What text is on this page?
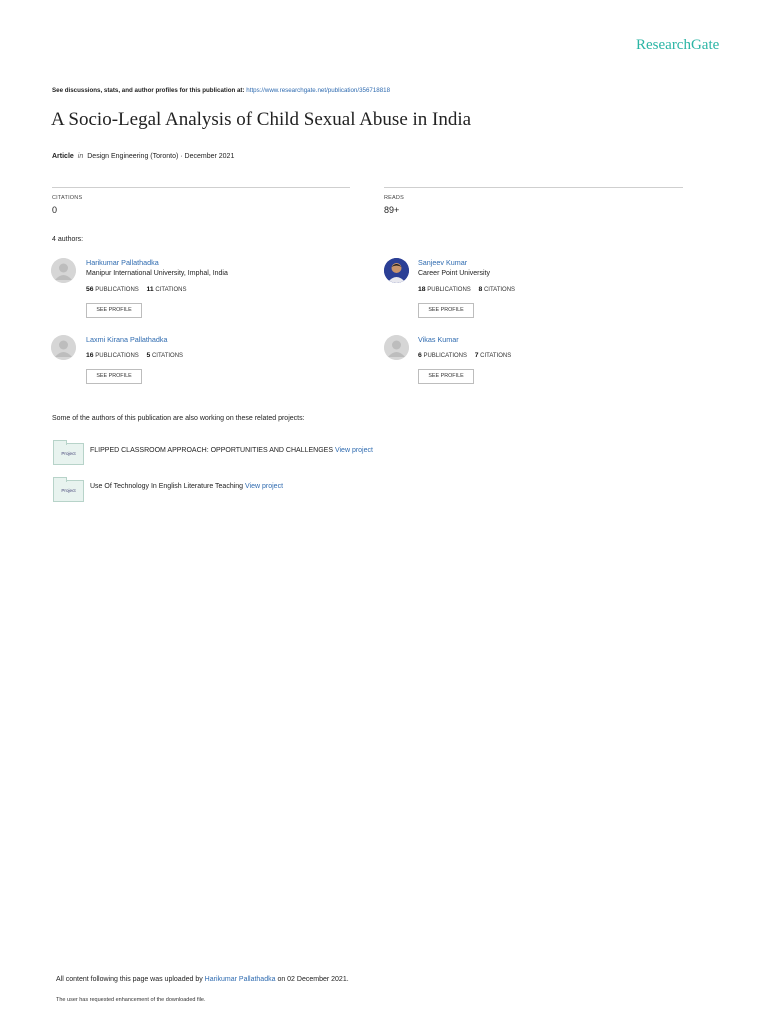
ResearchGate
See discussions, stats, and author profiles for this publication at: https://www.researchgate.net/publication/356718818
A Socio-Legal Analysis of Child Sexual Abuse in India
Article in Design Engineering (Toronto) · December 2021
CITATIONS
0
READS
89+
4 authors:
Harikumar Pallathadka
Manipur International University, Imphal, India
56 PUBLICATIONS 11 CITATIONS
SEE PROFILE
Sanjeev Kumar
Career Point University
18 PUBLICATIONS 8 CITATIONS
SEE PROFILE
Laxmi Kirana Pallathadka
16 PUBLICATIONS 5 CITATIONS
SEE PROFILE
Vikas Kumar
6 PUBLICATIONS 7 CITATIONS
SEE PROFILE
Some of the authors of this publication are also working on these related projects:
Project	FLIPPED CLASSROOM APPROACH: OPPORTUNITIES AND CHALLENGES View project
Project
Use Of Technology In English Literature Teaching View project
All content following this page was uploaded by Harikumar Pallathadka on 02 December 2021.
The user has requested enhancement of the downloaded file.
